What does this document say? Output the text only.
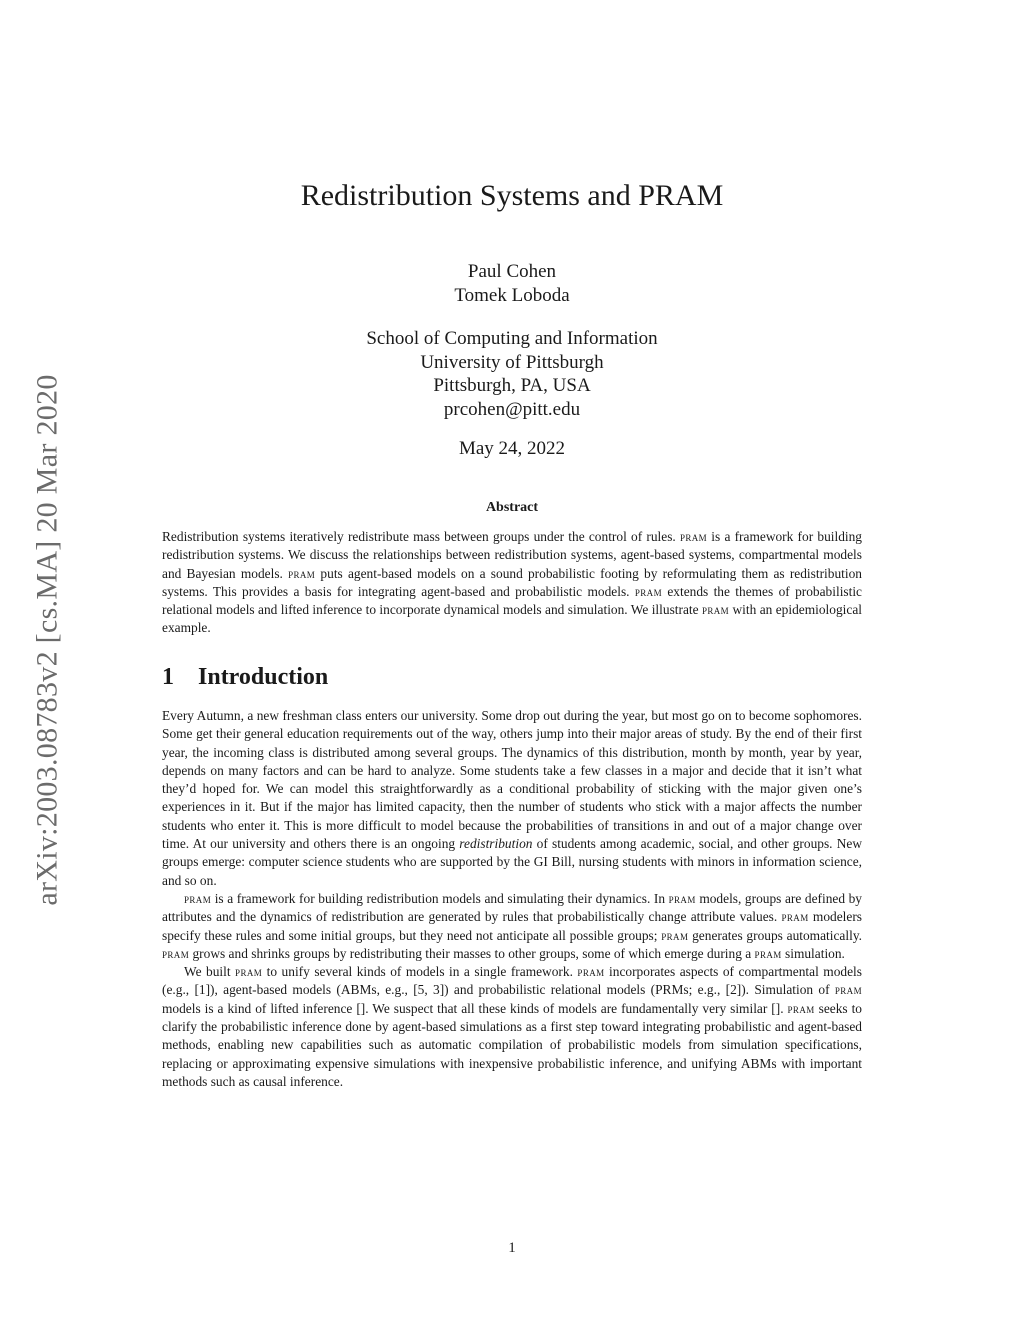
arXiv:2003.08783v2 [cs.MA] 20 Mar 2020
Redistribution Systems and PRAM
Paul Cohen
Tomek Loboda
School of Computing and Information
University of Pittsburgh
Pittsburgh, PA, USA
prcohen@pitt.edu
May 24, 2022
Abstract

Redistribution systems iteratively redistribute mass between groups under the control of rules. pram is a framework for building redistribution systems. We discuss the relationships between redistribution systems, agent-based systems, compartmental models and Bayesian models. pram puts agent-based models on a sound probabilistic footing by reformulating them as redistribution systems. This provides a basis for integrating agent-based and probabilistic models. pram extends the themes of probabilistic relational models and lifted inference to incorporate dynamical models and simulation. We illustrate pram with an epidemiological example.

1 Introduction

Every Autumn, a new freshman class enters our university. Some drop out during the year, but most go on to become sophomores. Some get their general education requirements out of the way, others jump into their major areas of study. By the end of their first year, the incoming class is distributed among several groups. The dynamics of this distribution, month by month, year by year, depends on many factors and can be hard to analyze. Some students take a few classes in a major and decide that it isn’t what they’d hoped for. We can model this straightforwardly as a conditional probability of sticking with the major given one’s experiences in it. But if the major has limited capacity, then the number of students who stick with a major affects the number students who enter it. This is more difficult to model because the probabilities of transitions in and out of a major change over time. At our university and others there is an ongoing redistribution of students among academic, social, and other groups. New groups emerge: computer science students who are supported by the GI Bill, nursing students with minors in information science, and so on.

pram is a framework for building redistribution models and simulating their dynamics. In pram models, groups are defined by attributes and the dynamics of redistribution are generated by rules that probabilistically change attribute values. pram modelers specify these rules and some initial groups, but they need not anticipate all possible groups; pram generates groups automatically. pram grows and shrinks groups by redistributing their masses to other groups, some of which emerge during a pram simulation.

We built pram to unify several kinds of models in a single framework. pram incorporates aspects of compartmental models (e.g., [1]), agent-based models (ABMs, e.g., [5, 3]) and probabilistic relational models (PRMs; e.g., [2]). Simulation of pram models is a kind of lifted inference []. We suspect that all these kinds of models are fundamentally very similar []. pram seeks to clarify the probabilistic inference done by agent-based simulations as a first step toward integrating probabilistic and agent-based methods, enabling new capabilities such as automatic compilation of probabilistic models from simulation specifications, replacing or approximating expensive simulations with inexpensive probabilistic inference, and unifying ABMs with important methods such as causal inference.

1
